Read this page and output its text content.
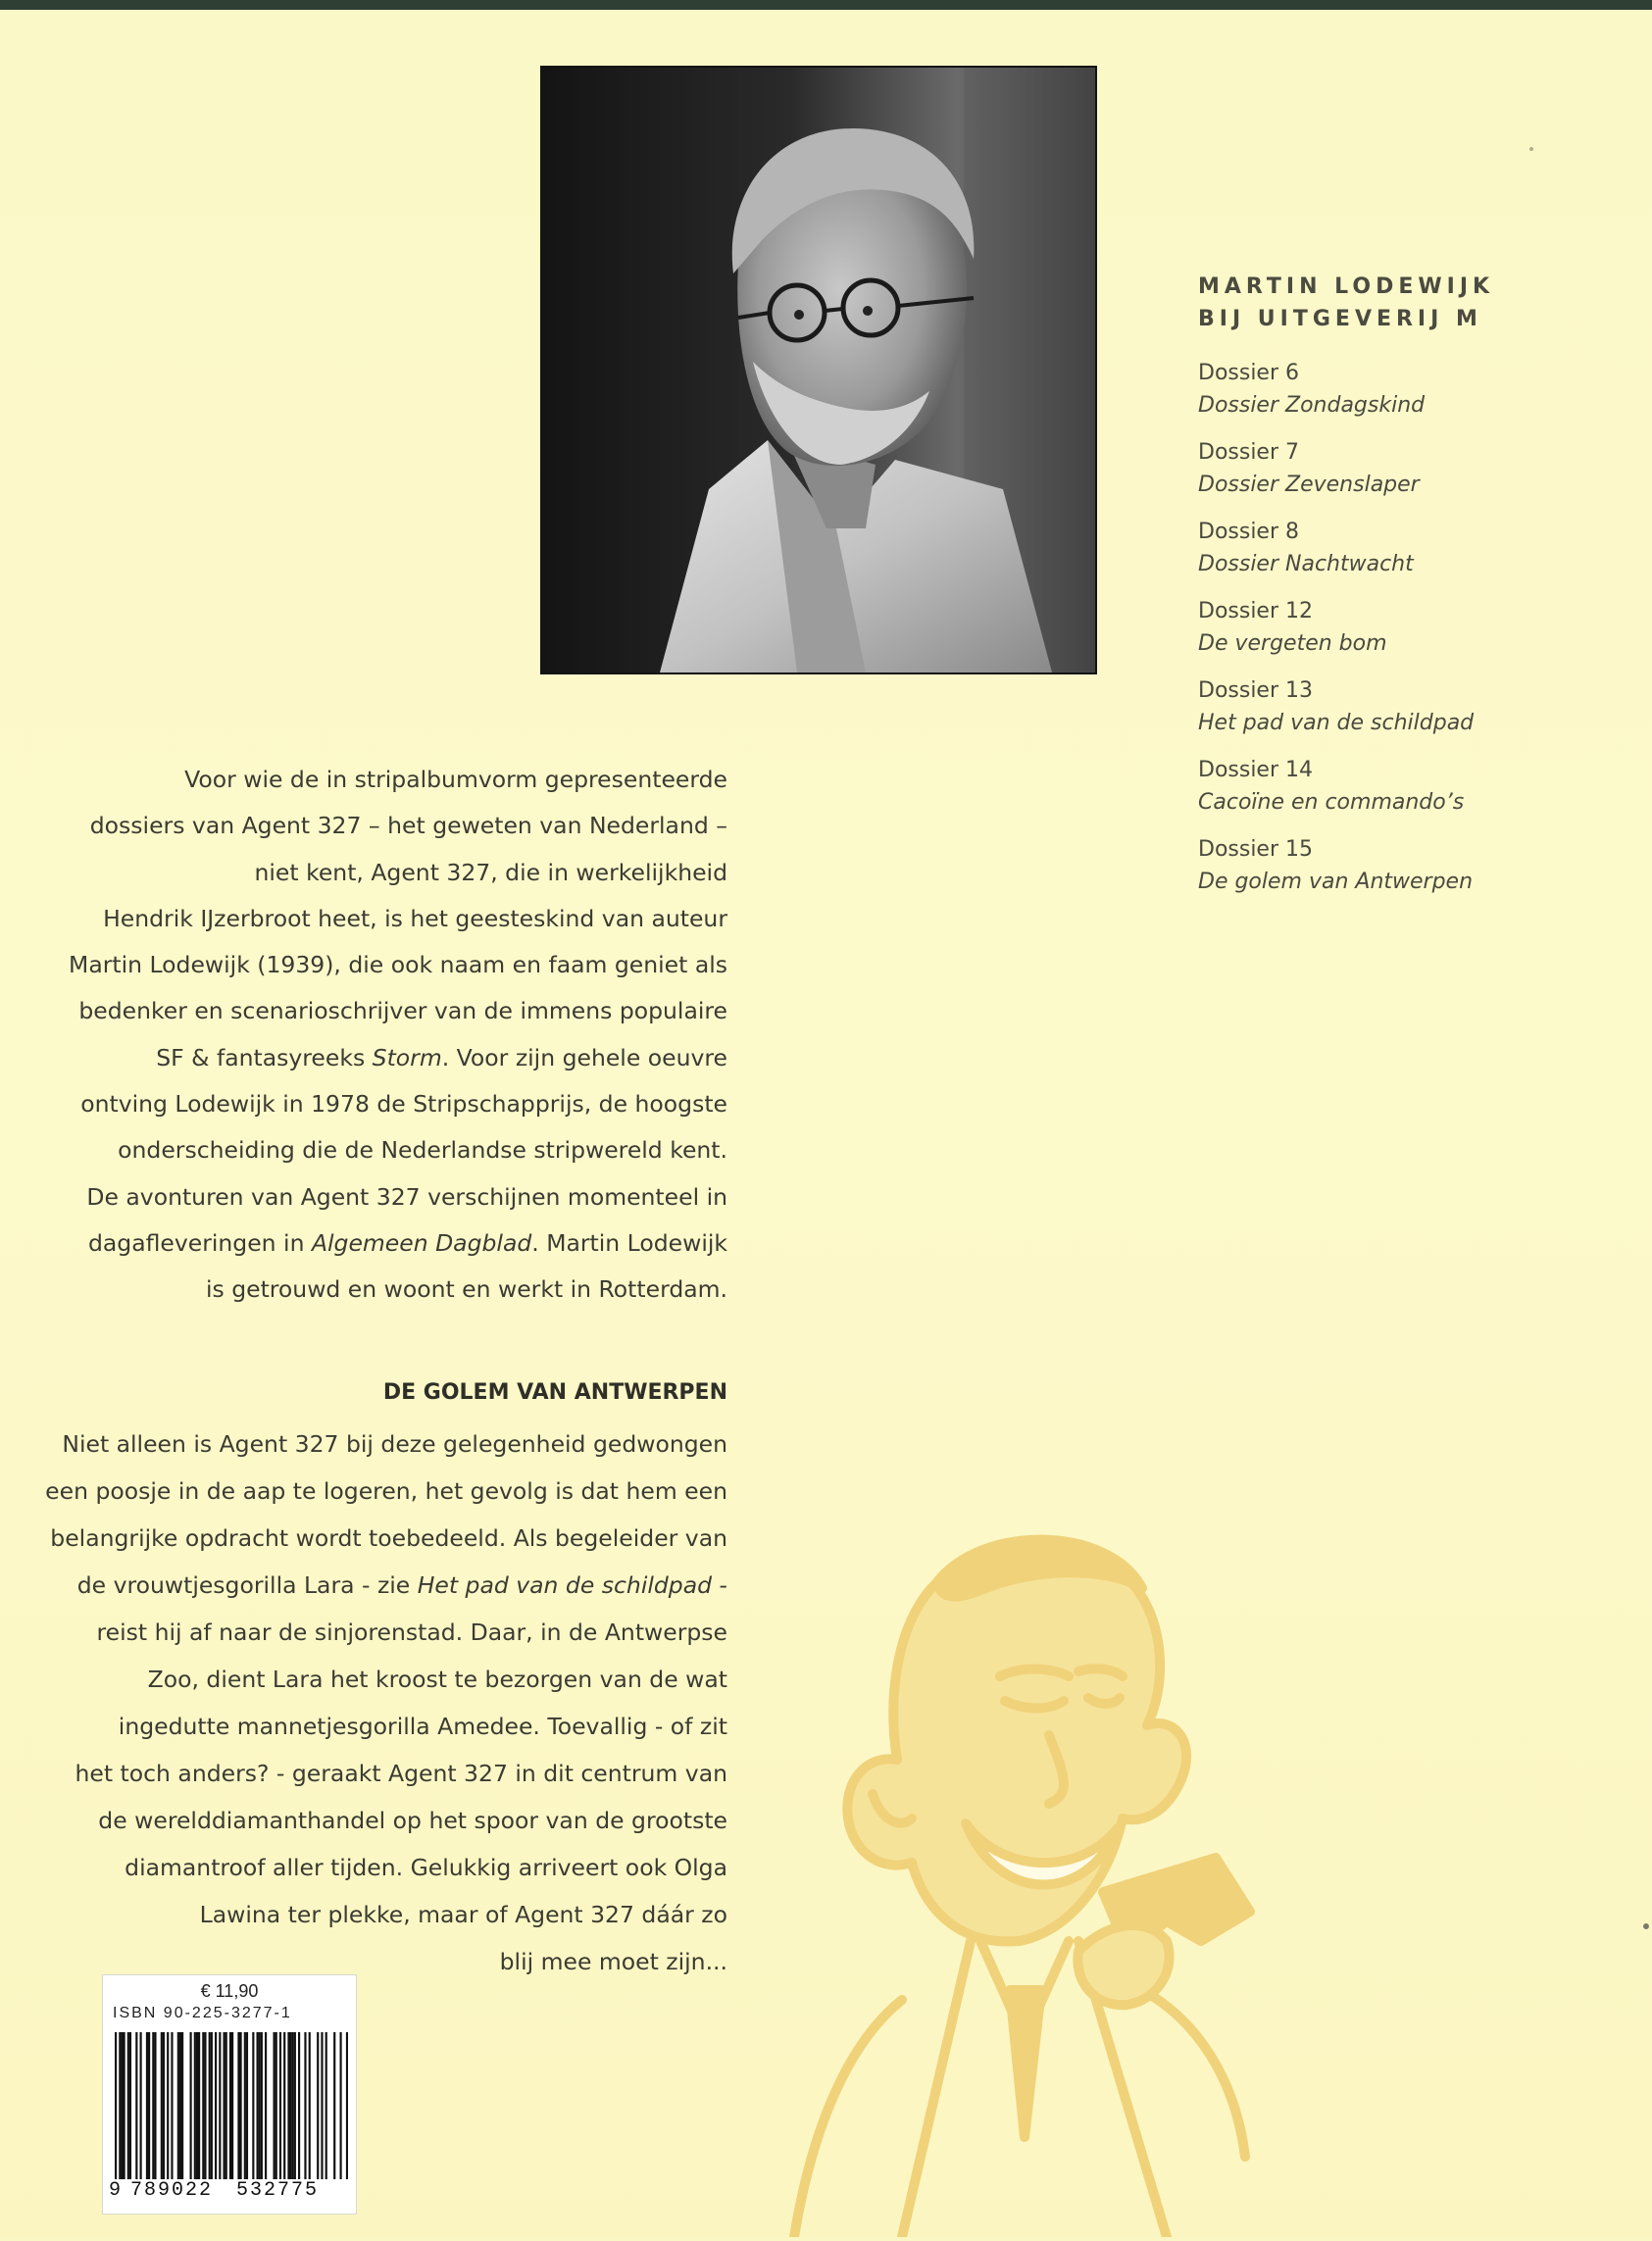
MARTIN LODEWIJK
BIJ UITGEVERIJ M
Dossier 6
Dossier Zondagskind
Dossier 7
Dossier Zevenslaper
Dossier 8
Dossier Nachtwacht
Dossier 12
De vergeten bom
Dossier 13
Het pad van de schildpad
Dossier 14
Cacoïne en commando’s
Dossier 15
De golem van Antwerpen
Voor wie de in stripalbumvorm gepresenteerde
dossiers van Agent 327 – het geweten van Nederland –
niet kent, Agent 327, die in werkelijkheid
Hendrik IJzerbroot heet, is het geesteskind van auteur
Martin Lodewijk (1939), die ook naam en faam geniet als
bedenker en scenarioschrijver van de immens populaire
SF & fantasyreeks Storm. Voor zijn gehele oeuvre
ontving Lodewijk in 1978 de Stripschapprijs, de hoogste
onderscheiding die de Nederlandse stripwereld kent.
De avonturen van Agent 327 verschijnen momenteel in
dagafleveringen in Algemeen Dagblad. Martin Lodewijk
is getrouwd en woont en werkt in Rotterdam.
DE GOLEM VAN ANTWERPEN
Niet alleen is Agent 327 bij deze gelegenheid gedwongen
een poosje in de aap te logeren, het gevolg is dat hem een
belangrijke opdracht wordt toebedeeld. Als begeleider van
de vrouwtjesgorilla Lara - zie Het pad van de schildpad -
reist hij af naar de sinjorenstad. Daar, in de Antwerpse
Zoo, dient Lara het kroost te bezorgen van de wat
ingedutte mannetjesgorilla Amedee. Toevallig - of zit
het toch anders? - geraakt Agent 327 in dit centrum van
de werelddiamanthandel op het spoor van de grootste
diamantroof aller tijden. Gelukkig arriveert ook Olga
Lawina ter plekke, maar of Agent 327 dáár zo
blij mee moet zijn...
€ 11,90
ISBN 90-225-3277-1
9 789022 532775
